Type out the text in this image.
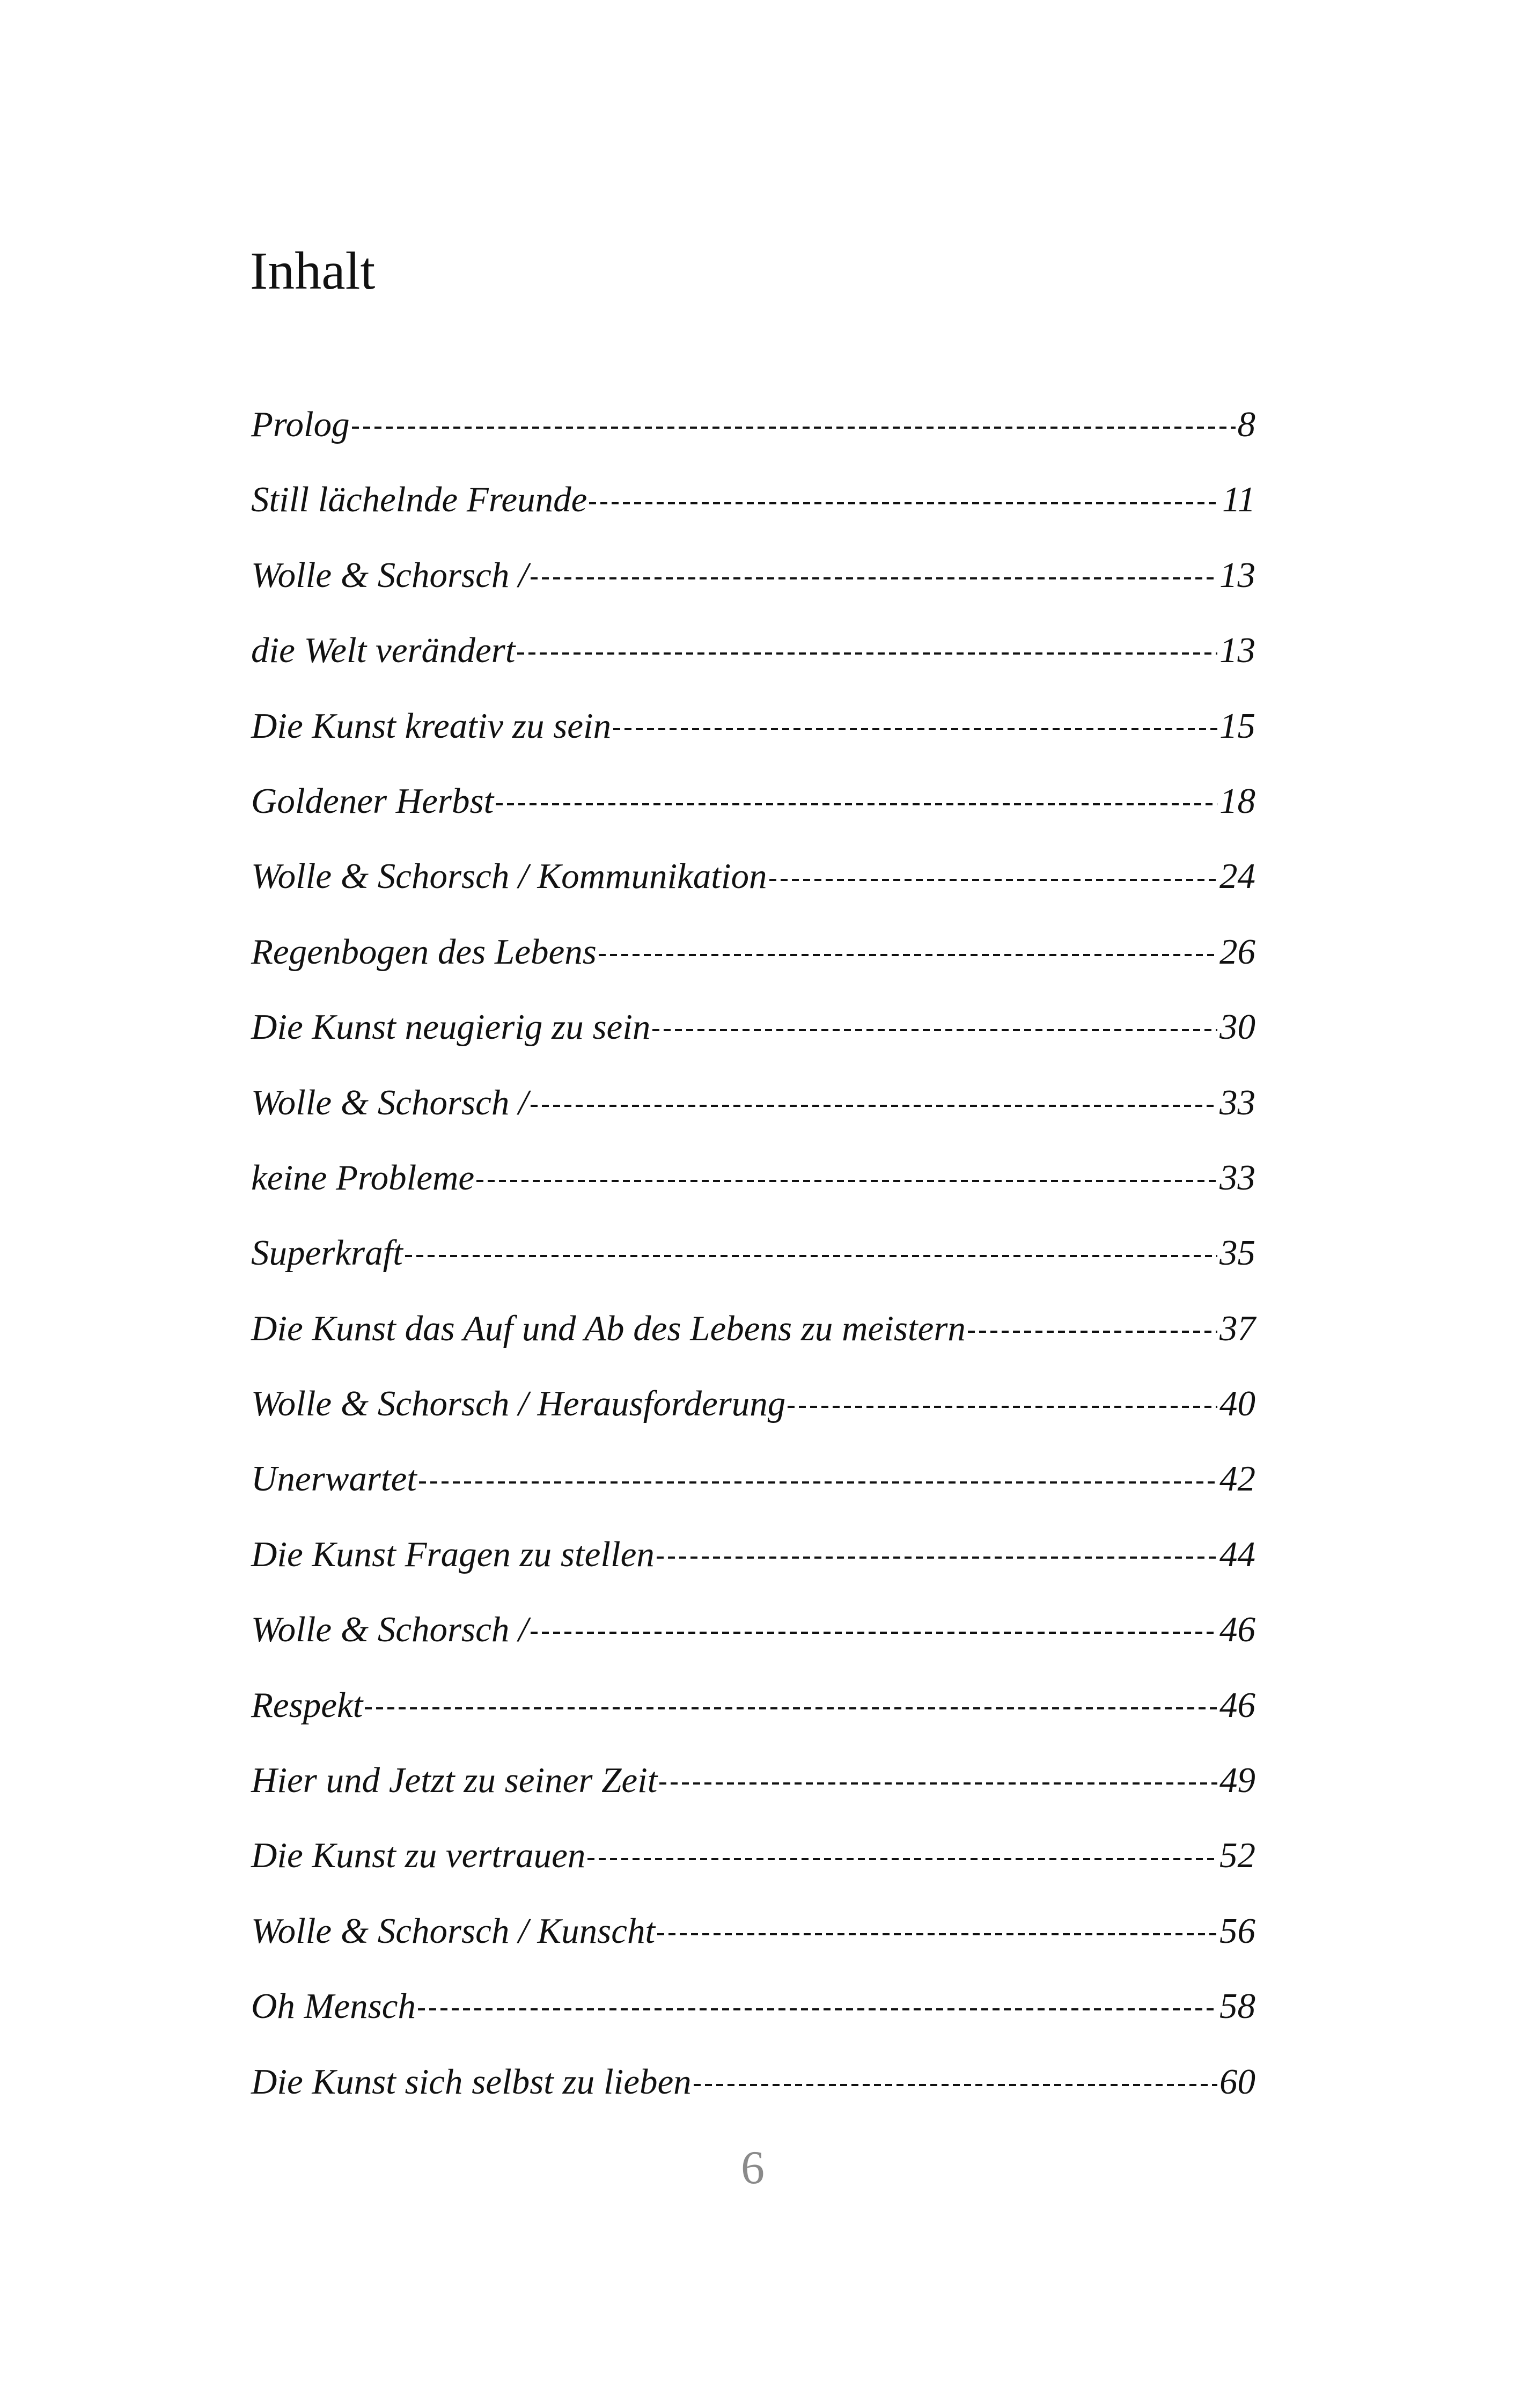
Inhalt
Prolog	8
Still lächelnde Freunde	11
Wolle & Schorsch /	13
die Welt verändert	13
Die Kunst kreativ zu sein	15
Goldener Herbst	18
Wolle & Schorsch / Kommunikation	24
Regenbogen des Lebens	26
Die Kunst neugierig zu sein	30
Wolle & Schorsch /	33
keine Probleme	33
Superkraft	35
Die Kunst das Auf und Ab des Lebens zu meistern	37
Wolle & Schorsch / Herausforderung	40
Unerwartet	42
Die Kunst Fragen zu stellen	44
Wolle & Schorsch /	46
Respekt	46
Hier und Jetzt zu seiner Zeit	49
Die Kunst zu vertrauen	52
Wolle & Schorsch / Kunscht	56
Oh Mensch	58
Die Kunst sich selbst zu lieben	60
6
